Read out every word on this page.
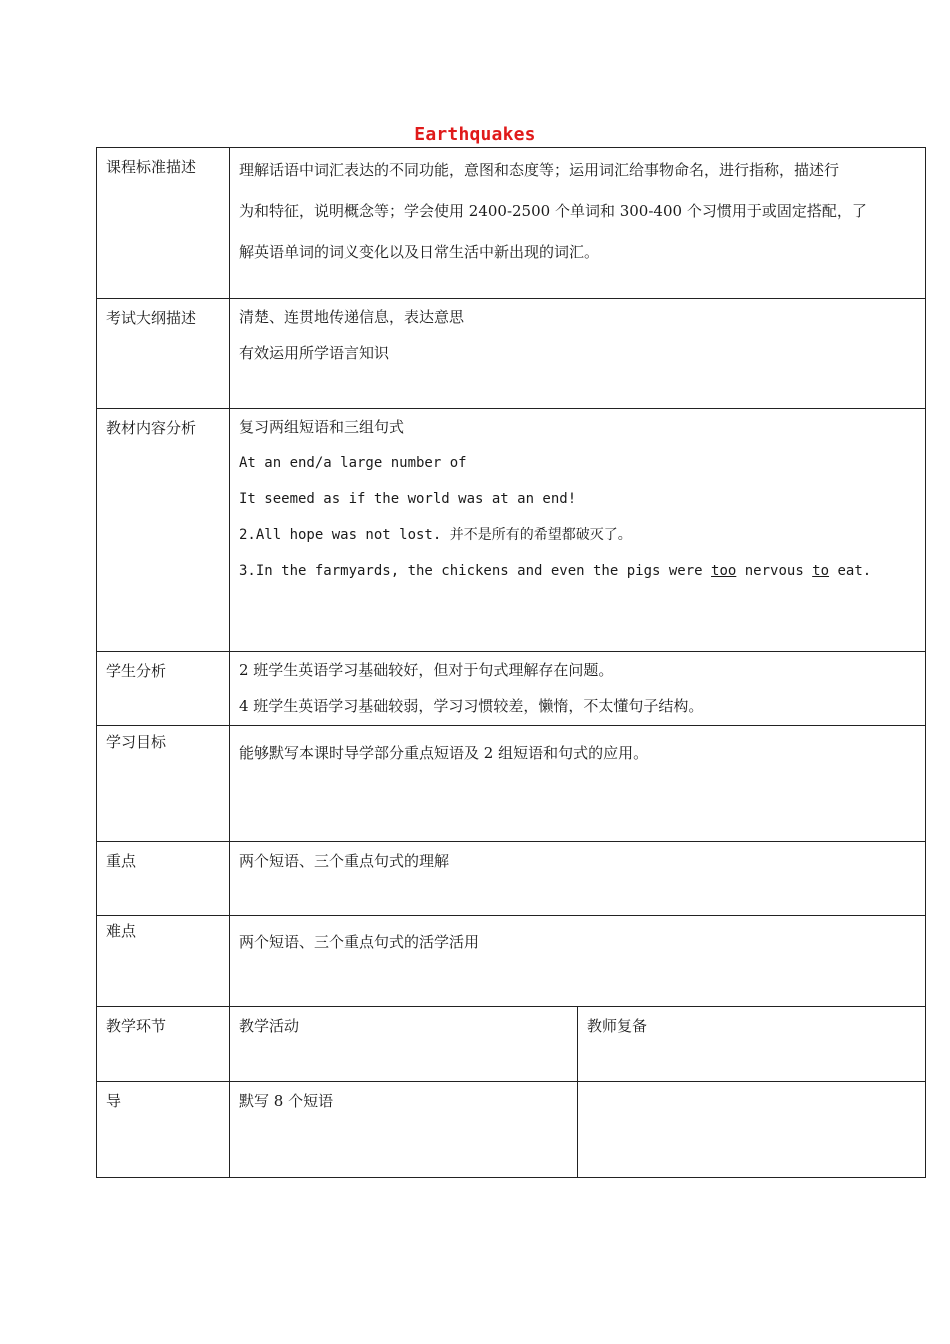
Earthquakes
课程标准描述	理解话语中词汇表达的不同功能，意图和态度等；运用词汇给事物命名，进行指称，描述行
为和特征，说明概念等；学会使用 2400-2500 个单词和 300-400 个习惯用于或固定搭配，了
解英语单词的词义变化以及日常生活中新出现的词汇。	

考试大纲描述	清楚、连贯地传递信息，表达意思
有效运用所学语言知识	

教材内容分析	复习两组短语和三组句式
At an end/a large number of
It seemed as if the world was at an end!
2.All hope was not lost. 并不是所有的希望都破灭了。
3.In the farmyards, the chickens and even the pigs were too nervous to eat.	

学生分析	2 班学生英语学习基础较好，但对于句式理解存在问题。
4 班学生英语学习基础较弱，学习习惯较差，懒惰，不太懂句子结构。	

学习目标	能够默写本课时导学部分重点短语及 2 组短语和句式的应用。	
重点	两个短语、三个重点句式的理解	
难点	两个短语、三个重点句式的活学活用	
教学环节	教学活动	教师复备
导	默写 8 个短语	
